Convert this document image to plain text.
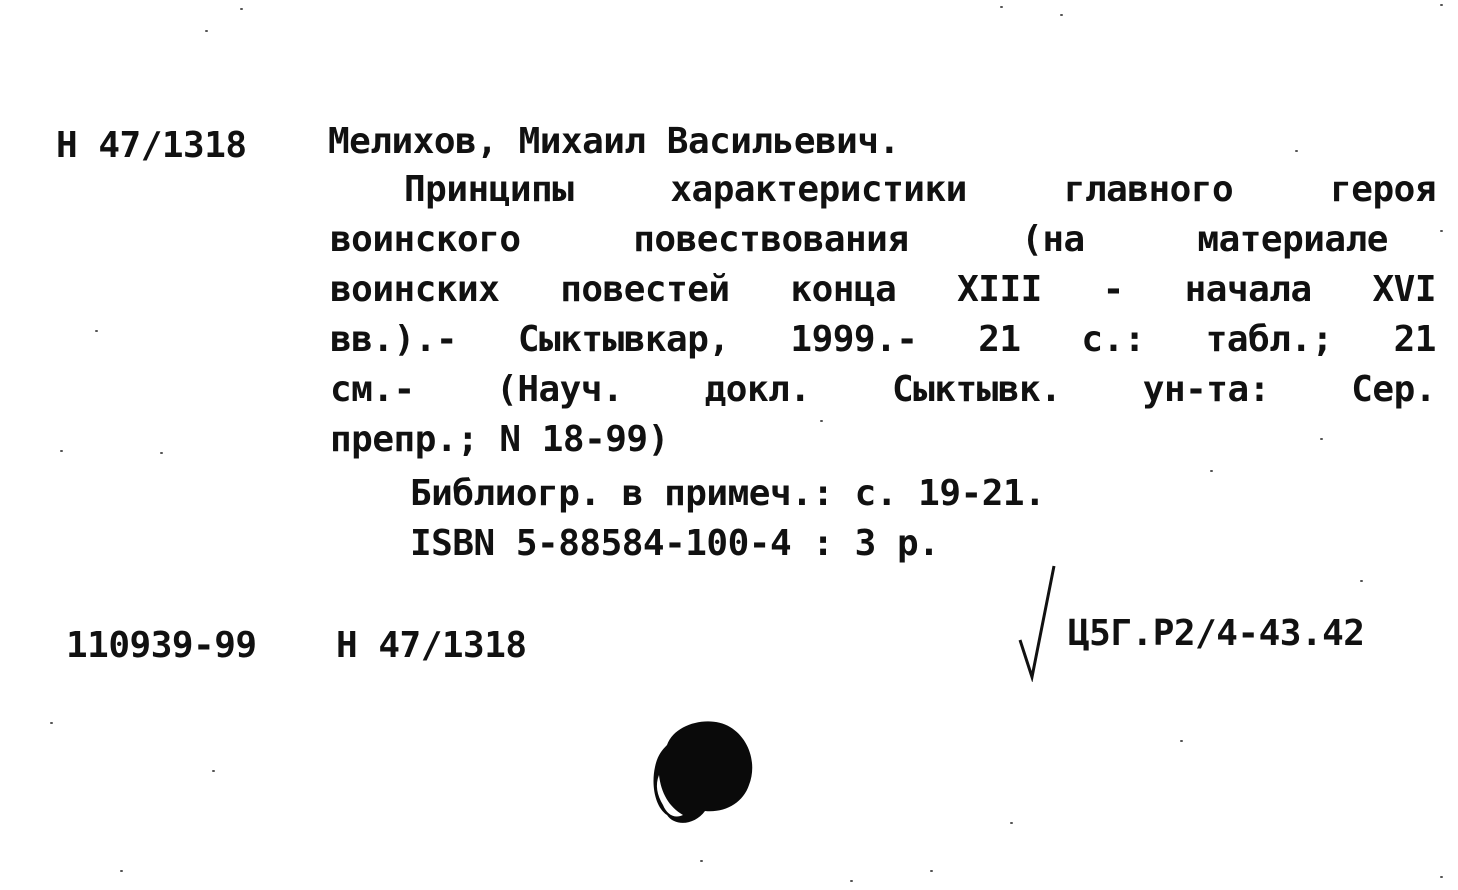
Н 47/1318 Мелихов, Михаил Васильевич.
Принципы	характеристики	главного	героя
воинского	повествования	(на	материале
воинских повестей конца XIII - начала XVI
вв.).- Сыктывкар, 1999.- 21 с.: табл.; 21
см.- (Науч. докл. Сыктывк. ун-та: Сер.
препр.; N 18-99)
Библиогр. в примеч.: с. 19-21.
ISBN 5-88584-100-4 : 3 р.
110939-99 Н 47/1318	Ц5Г.Р2/4-43.42
